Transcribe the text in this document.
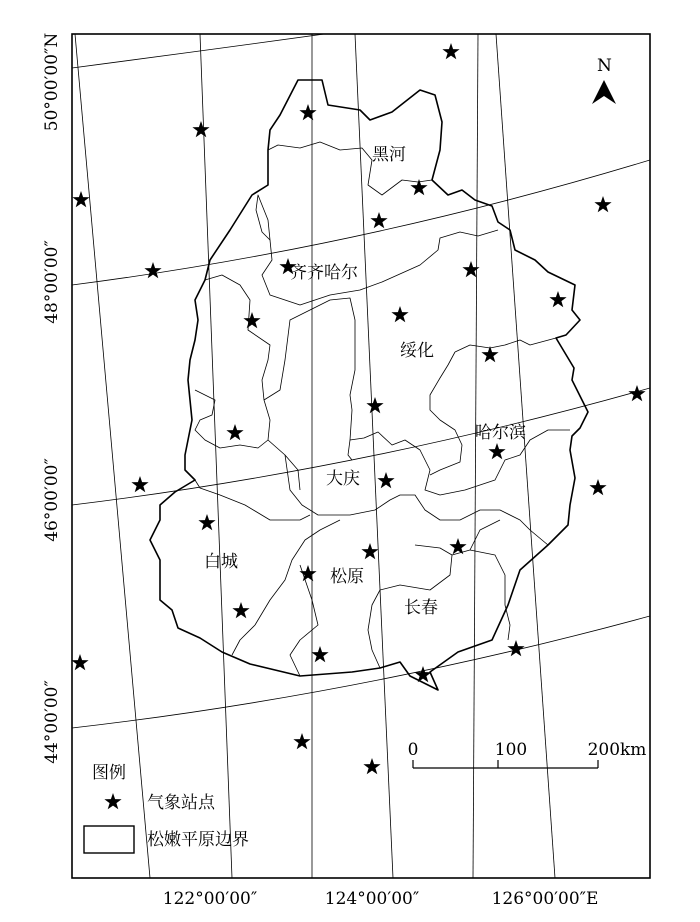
N
黑河
齐齐哈尔
绥化
哈尔滨
大庆
白城
松原
长春
50°00′00″N
48°00′00″
46°00′00″
44°00′00″
122°00′00″	124°00′00″	126°00′00″E
0	100	200km
图例
气象站点
松嫩平原边界
